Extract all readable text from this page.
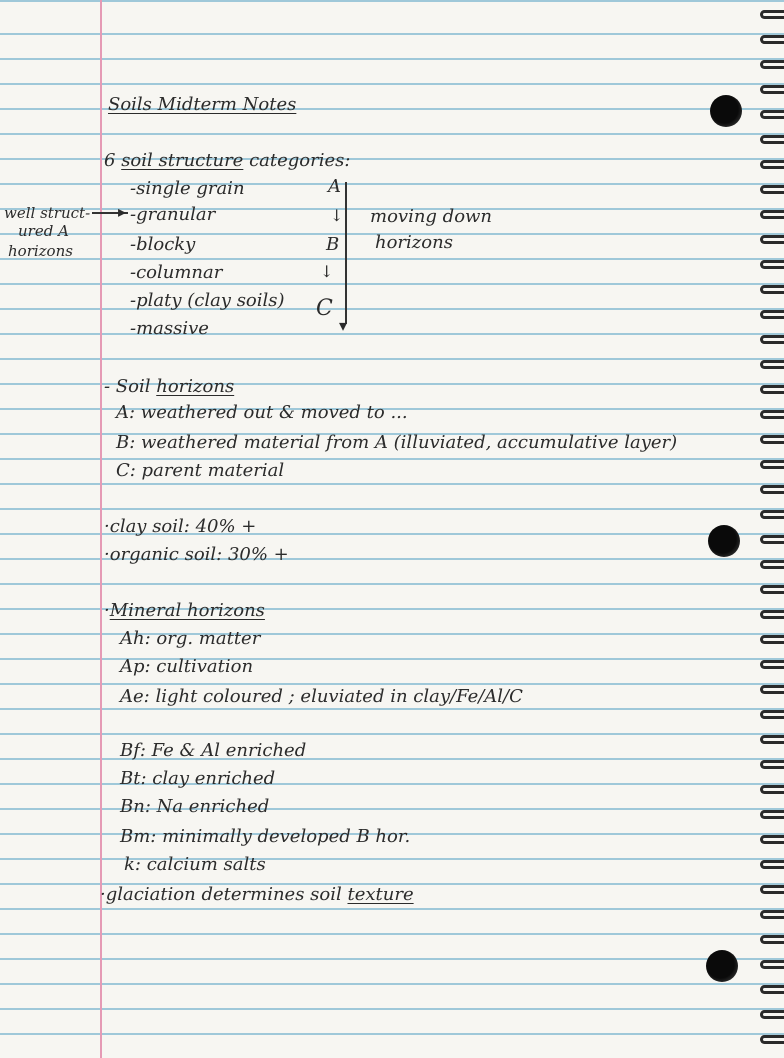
Soils Midterm Notes
6 soil structure categories:
-single grain
-granular
-blocky
-columnar
-platy (clay soils)
-massive
well struct-
ured A
horizons
▸
A
↓
B
↓
C
▾
moving down
horizons
- Soil horizons
A: weathered out & moved to ...
B: weathered material from A (illuviated, accumulative layer)
C: parent material
·clay soil: 40% +
·organic soil: 30% +
·Mineral horizons
Ah: org. matter
Ap: cultivation
Ae: light coloured ; eluviated in clay/Fe/Al/C
Bf: Fe & Al enriched
Bt: clay enriched
Bn: Na enriched
Bm: minimally developed B hor.
k: calcium salts
·glaciation determines soil texture
